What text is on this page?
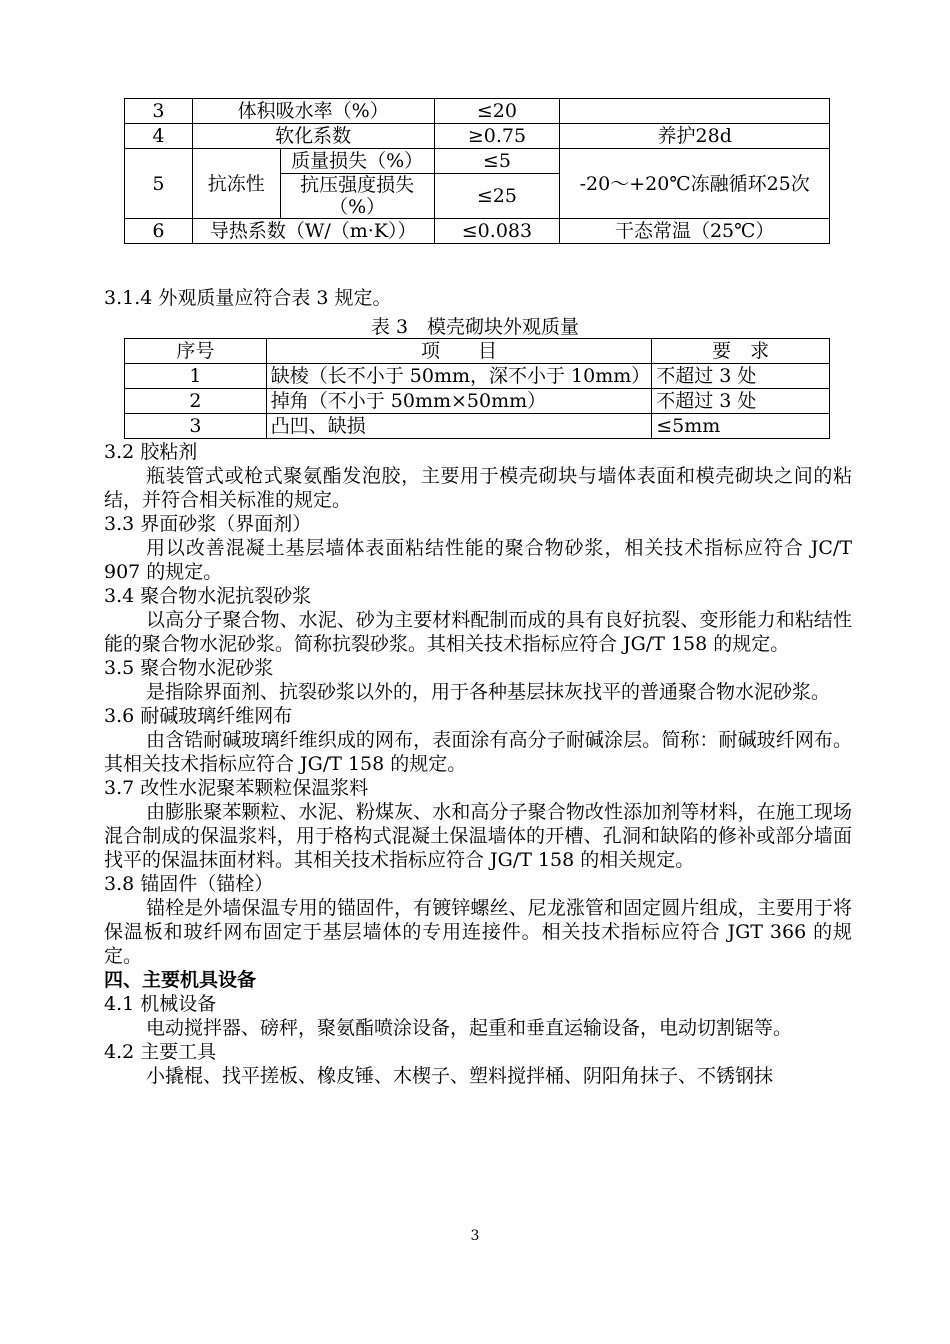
3	体积吸水率（%）		≤20	
4	软化系数		≥0.75	养护28d
5	抗冻性	质量损失（%）	≤5	-20～+20℃冻融循环25次
		抗压强度损失（%）	≤25	
6	导热系数（W/（m·K））		≤0.083	干态常温（25℃）

3.1.4 外观质量应符合表 3 规定。

表 3　模壳砌块外观质量
序号	项　　目	要　求
1	缺棱（长不小于 50mm，深不小于 10mm）	不超过 3 处
2	掉角（不小于 50mm×50mm）	不超过 3 处
3	凸凹、缺损	≤5mm

3.2 胶粘剂

瓶装管式或枪式聚氨酯发泡胶，主要用于模壳砌块与墙体表面和模壳砌块之间的粘结，并符合相关标准的规定。

3.3 界面砂浆（界面剂）

用以改善混凝土基层墙体表面粘结性能的聚合物砂浆，相关技术指标应符合 JC/T 907 的规定。

3.4 聚合物水泥抗裂砂浆

以高分子聚合物、水泥、砂为主要材料配制而成的具有良好抗裂、变形能力和粘结性能的聚合物水泥砂浆。简称抗裂砂浆。其相关技术指标应符合 JG/T 158 的规定。

3.5 聚合物水泥砂浆

是指除界面剂、抗裂砂浆以外的，用于各种基层抹灰找平的普通聚合物水泥砂浆。

3.6 耐碱玻璃纤维网布

由含锆耐碱玻璃纤维织成的网布，表面涂有高分子耐碱涂层。简称：耐碱玻纤网布。其相关技术指标应符合 JG/T 158 的规定。

3.7 改性水泥聚苯颗粒保温浆料

由膨胀聚苯颗粒、水泥、粉煤灰、水和高分子聚合物改性添加剂等材料，在施工现场混合制成的保温浆料，用于格构式混凝土保温墙体的开槽、孔洞和缺陷的修补或部分墙面找平的保温抹面材料。其相关技术指标应符合 JG/T 158 的相关规定。

3.8 锚固件（锚栓）

锚栓是外墙保温专用的锚固件，有镀锌螺丝、尼龙涨管和固定圆片组成，主要用于将保温板和玻纤网布固定于基层墙体的专用连接件。相关技术指标应符合 JGT 366 的规定。

四、主要机具设备

4.1 机械设备

电动搅拌器、磅秤，聚氨酯喷涂设备，起重和垂直运输设备，电动切割锯等。

4.2 主要工具

小撬棍、找平搓板、橡皮锤、木楔子、塑料搅拌桶、阴阳角抹子、不锈钢抹

3
